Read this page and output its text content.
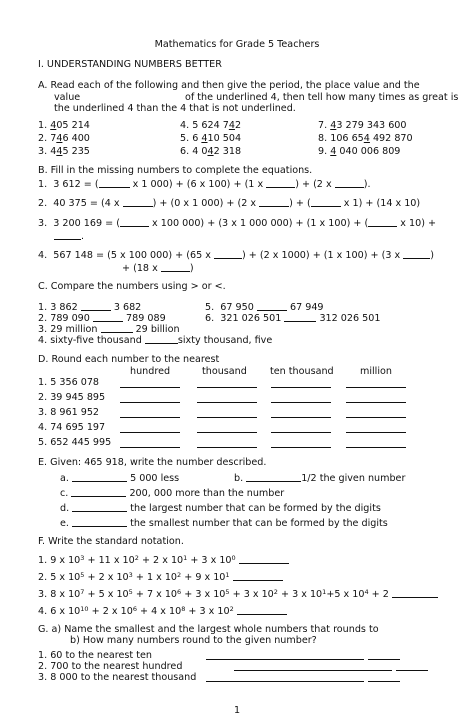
Mathematics for Grade 5 Teachers
I. UNDERSTANDING NUMBERS BETTER
A. Read each of the following and then give the period, the place value and the
value	of the underlined 4, then tell how many times as great is
the underlined 4 than the 4 that is not underlined.
1. 405 214	4. 5 624 742	7. 43 279 343 600
2. 746 400	5. 6 410 504	8. 106 654 492 870
3. 445 235	6. 4 042 318	9. 4 040 006 809
B. Fill in the missing numbers to complete the equations.
1. 3 612 = (	x 1 000) + (6 x 100) + (1 x	) + (2 x	).
2. 40 375 = (4 x	) + (0 x 1 000) + (2 x	) + (	x 1) + (14 x 10)
3. 3 200 169 = (	x 100 000) + (3 x 1 000 000) + (1 x 100) + (	x 10) +
.
4. 567 148 = (5 x 100 000) + (65 x	) + (2 x 1000) + (1 x 100) + (3 x	)
+ (18 x	)
C. Compare the numbers using > or <.
1. 3 862	3 682	5. 67 950	67 949
2. 789 090	789 089	6. 321 026 501	312 026 501
3. 29 million	29 billion
4. sixty-five thousand	sixty thousand, five
D. Round each number to the nearest
hundred	thousand ten thousand	million
1. 5 356 078
2. 39 945 895
3. 8 961 952
4. 74 695 197
5. 652 445 995
E. Given: 465 918, write the number described.
a.	5 000 less	b.	1/2 the given number
c.	200, 000 more than the number
d.	the largest number that can be formed by the digits
e.	the smallest number that can be formed by the digits
F. Write the standard notation.
1. 9 x $10^3 + 11$ x $10^2 + 2$ x $10^1 + 3$ x $10^0$
2. 5 x $10^5 + 2$ x $10^3 + 1$ x $10^2 + 9$ x $10^1$
3. 8 x $10^7 + 5$ x $10^5 + 7$ x $10^6 + 3$ x $10^5 + 3$ x $10^2 + 3$ x $10^1+5$ x $10^4 + 2$
4. 6 x $10^{10} + 2$ x $10^6 + 4$ x $10^8 + 3$ x $10^2$
G. a) Name the smallest and the largest whole numbers that rounds to
b) How many numbers round to the given number?
1. 60 to the nearest ten
2. 700 to the nearest hundred
3. 8 000 to the nearest thousand
1
